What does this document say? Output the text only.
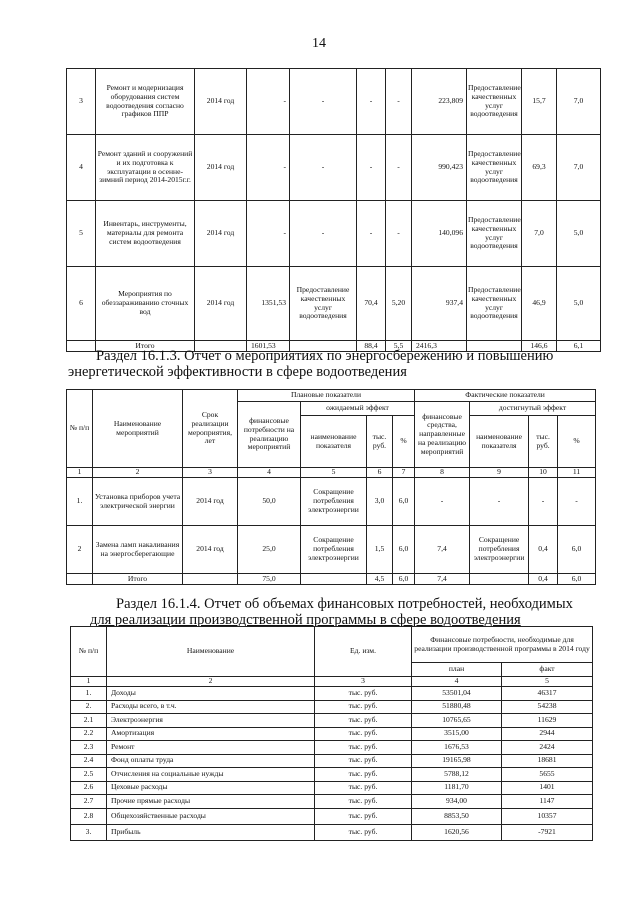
14
3	Ремонт и модернизация оборудования систем водоотведения согласно графиков ППР	2014 год	-	-	-	-	223,809	Предоставление качественных услуг водоотведения	15,7	7,0
4	Ремонт зданий и сооружений и их подготовка к эксплуатации в осенне-зимний период 2014-2015г.г.	2014 год	-	-	-	-	990,423	Предоставление качественных услуг водоотведения	69,3	7,0
5	Инвентарь, инструменты, материалы для ремонта систем водоотведения	2014 год	-	-	-	-	140,096	Предоставление качественных услуг водоотведения	7,0	5,0
6	Мероприятия по обеззараживанию сточных вод	2014 год	1351,53	Предоставление качественных услуг водоотведения	70,4	5,20	937,4	Предоставление качественных услуг водоотведения	46,9	5,0
	Итого		1601,53		88,4	5,5	2416,3		146,6	6,1
Раздел 16.1.3. Отчет о мероприятиях по энергосбережению и повышению
энергетической эффективности в сфере водоотведения
№ п/п	Наименование мероприятий	Срок реализации мероприятия, лет	Плановые показатели				Фактические показатели			
			финансовые потребности на реализацию мероприятий	ожидаемый эффект			финансовые средства, направленные на реализацию мероприятий	достигнутый эффект		
				наименование показателя	тыс. руб.	%		наименование показателя	тыс. руб.	%
1	2	3	4	5	6	7	8	9	10	11
1.	Установка приборов учета электрической энергии	2014 год	50,0	Сокращение потребления электроэнергии	3,0	6,0	-	-	-	-
2	Замена ламп накаливания на энергосберегающие	2014 год	25,0	Сокращение потребления электроэнергии	1,5	6,0	7,4	Сокращение потребления электроэнергии	0,4	6,0
	Итого		75,0		4,5	6,0	7,4		0,4	6,0
Раздел 16.1.4. Отчет об объемах финансовых потребностей, необходимых
для реализации производственной программы в сфере водоотведения
№ п/п	Наименование	Ед. изм.	Финансовые потребности, необходимые для реализации производственной программы в 2014 году	
			план	факт
1	2	3	4	5
1.	Доходы	тыс. руб.	53501,04	46317
2.	Расходы всего, в т.ч.	тыс. руб.	51880,48	54238
2.1	Электроэнергия	тыс. руб.	10765,65	11629
2.2	Амортизация	тыс. руб.	3515,00	2944
2.3	Ремонт	тыс. руб.	1676,53	2424
2.4	Фонд оплаты труда	тыс. руб.	19165,98	18681
2.5	Отчисления на социальные нужды	тыс. руб.	5788,12	5655
2.6	Цеховые расходы	тыс. руб.	1181,70	1401
2.7	Прочие прямые расходы	тыс. руб.	934,00	1147
2.8	Общехозяйственные расходы	тыс. руб.	8853,50	10357
3.	Прибыль	тыс. руб.	1620,56	-7921
